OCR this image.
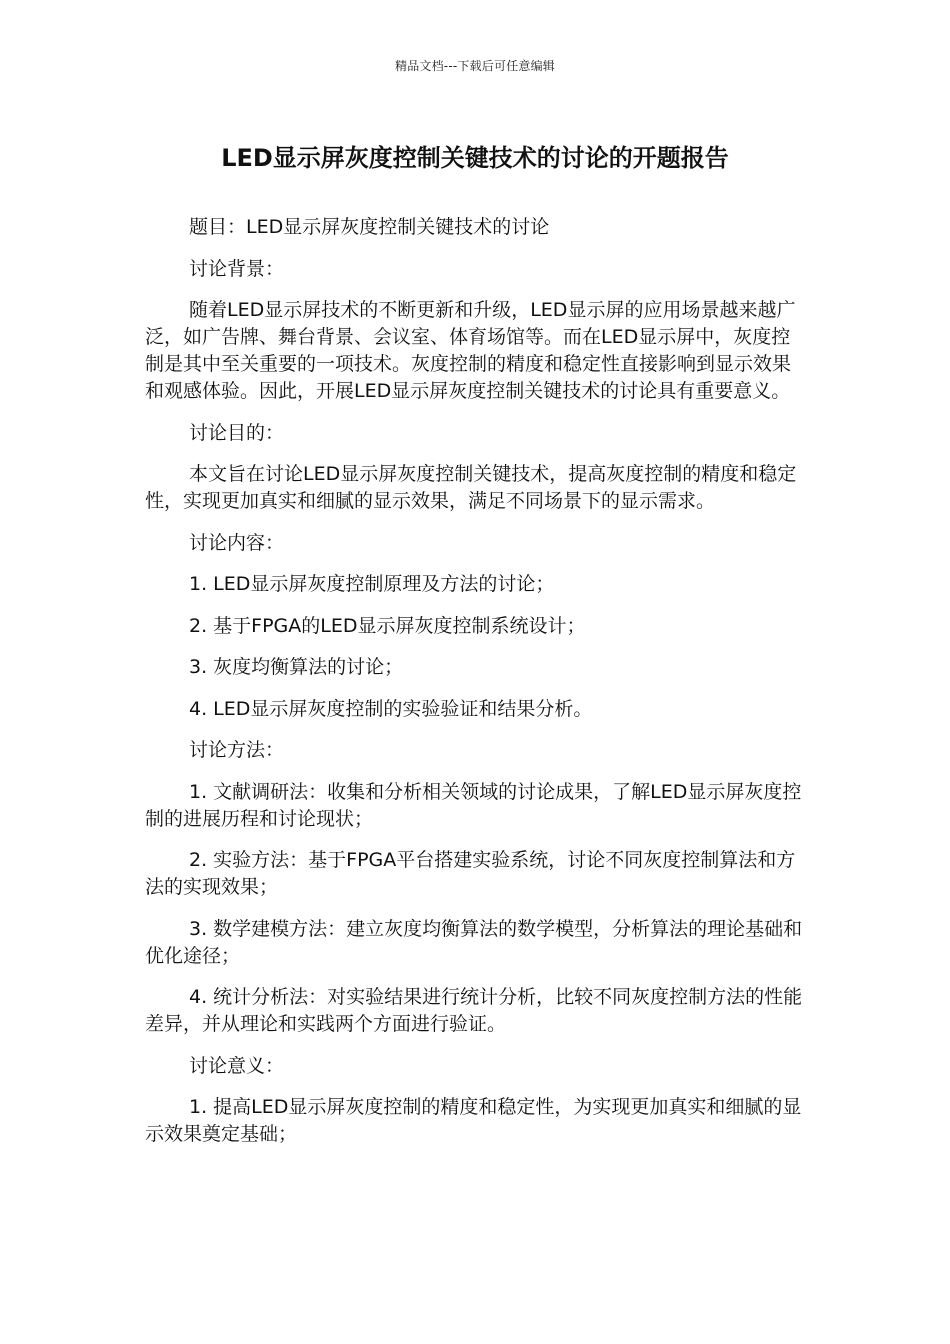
精品文档---下载后可任意编辑
LED显示屏灰度控制关键技术的讨论的开题报告

题目：LED显示屏灰度控制关键技术的讨论

讨论背景：

随着LED显示屏技术的不断更新和升级，LED显示屏的应用场景越来越广泛，如广告牌、舞台背景、会议室、体育场馆等。而在LED显示屏中，灰度控制是其中至关重要的一项技术。灰度控制的精度和稳定性直接影响到显示效果和观感体验。因此，开展LED显示屏灰度控制关键技术的讨论具有重要意义。

讨论目的：

本文旨在讨论LED显示屏灰度控制关键技术，提高灰度控制的精度和稳定性，实现更加真实和细腻的显示效果，满足不同场景下的显示需求。

讨论内容：

1. LED显示屏灰度控制原理及方法的讨论；

2. 基于FPGA的LED显示屏灰度控制系统设计；

3. 灰度均衡算法的讨论；

4. LED显示屏灰度控制的实验验证和结果分析。

讨论方法：

1. 文献调研法：收集和分析相关领域的讨论成果，了解LED显示屏灰度控制的进展历程和讨论现状；

2. 实验方法：基于FPGA平台搭建实验系统，讨论不同灰度控制算法和方法的实现效果；

3. 数学建模方法：建立灰度均衡算法的数学模型，分析算法的理论基础和优化途径；

4. 统计分析法：对实验结果进行统计分析，比较不同灰度控制方法的性能差异，并从理论和实践两个方面进行验证。

讨论意义：

1. 提高LED显示屏灰度控制的精度和稳定性，为实现更加真实和细腻的显示效果奠定基础；
